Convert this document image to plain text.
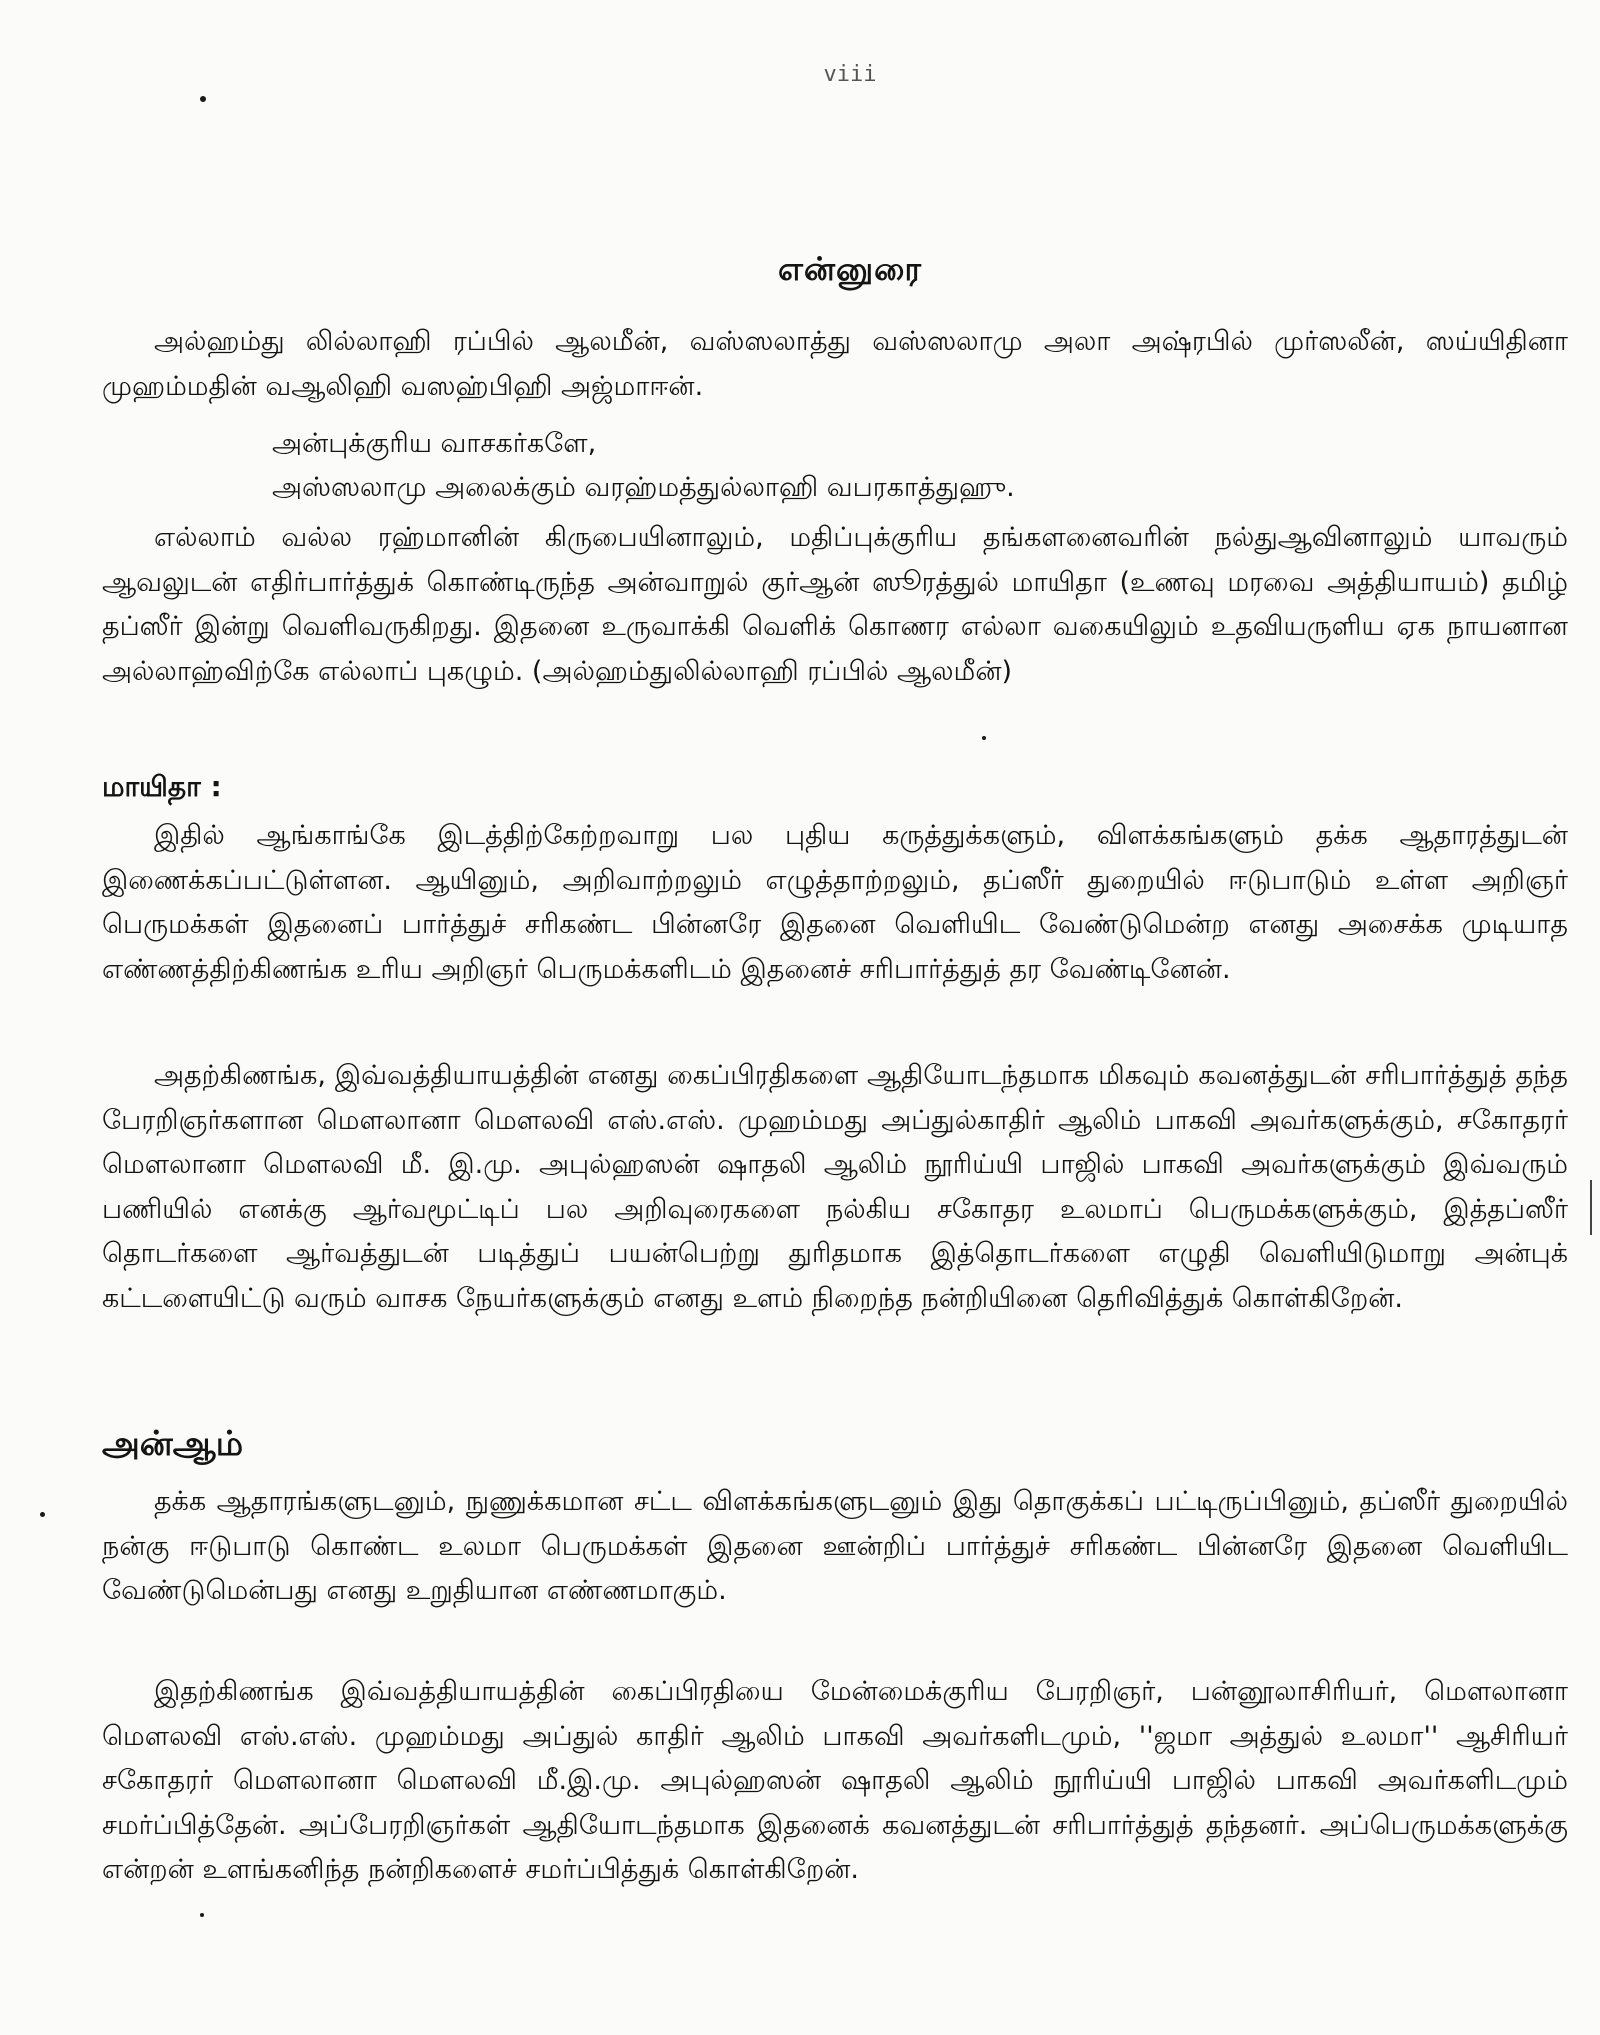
viii
என்னுரை
அல்ஹம்து லில்லாஹி ரப்பில் ஆலமீன், வஸ்ஸலாத்து வஸ்ஸலாமு அலா அஷ்ரபில் முர்ஸலீன், ஸய்யிதினா முஹம்மதின் வஆலிஹி வஸஹ்பிஹி அஜ்மாஈன்.
அன்புக்குரிய வாசகர்களே,
அஸ்ஸலாமு அலைக்கும் வரஹ்மத்துல்லாஹி வபரகாத்துஹு.
எல்லாம் வல்ல ரஹ்மானின் கிருபையினாலும், மதிப்புக்குரிய தங்களனைவரின் நல்துஆவினாலும் யாவரும் ஆவலுடன் எதிர்பார்த்துக் கொண்டிருந்த அன்வாறுல் குர்ஆன் ஸூரத்துல் மாயிதா (உணவு மரவை அத்தியாயம்) தமிழ் தப்ஸீர் இன்று வெளிவருகிறது. இதனை உருவாக்கி வெளிக் கொணர எல்லா வகையிலும் உதவியருளிய ஏக நாயனான அல்லாஹ்விற்கே எல்லாப் புகழும். (அல்ஹம்துலில்லாஹி ரப்பில் ஆலமீன்)
மாயிதா :
இதில் ஆங்காங்கே இடத்திற்கேற்றவாறு பல புதிய கருத்துக்களும், விளக்கங்களும் தக்க ஆதாரத்துடன் இணைக்கப்பட்டுள்ளன. ஆயினும், அறிவாற்றலும் எழுத்தாற்றலும், தப்ஸீர் துறையில் ஈடுபாடும் உள்ள அறிஞர் பெருமக்கள் இதனைப் பார்த்துச் சரிகண்ட பின்னரே இதனை வெளியிட வேண்டுமென்ற எனது அசைக்க முடியாத எண்ணத்திற்கிணங்க உரிய அறிஞர் பெருமக்களிடம் இதனைச் சரிபார்த்துத் தர வேண்டினேன்.
அதற்கிணங்க, இவ்வத்தியாயத்தின் எனது கைப்பிரதிகளை ஆதியோடந்தமாக மிகவும் கவனத்துடன் சரிபார்த்துத் தந்த பேரறிஞர்களான மௌலானா மௌலவி எஸ்.எஸ். முஹம்மது அப்துல்காதிர் ஆலிம் பாகவி அவர்களுக்கும், சகோதரர் மௌலானா மௌலவி மீ. இ.மு. அபுல்ஹஸன் ஷாதலி ஆலிம் நூரிய்யி பாஜில் பாகவி அவர்களுக்கும் இவ்வரும் பணியில் எனக்கு ஆர்வமூட்டிப் பல அறிவுரைகளை நல்கிய சகோதர உலமாப் பெருமக்களுக்கும், இத்தப்ஸீர் தொடர்களை ஆர்வத்துடன் படித்துப் பயன்பெற்று துரிதமாக இத்தொடர்களை எழுதி வெளியிடுமாறு அன்புக் கட்டளையிட்டு வரும் வாசக நேயர்களுக்கும் எனது உளம் நிறைந்த நன்றியினை தெரிவித்துக் கொள்கிறேன்.
அன்ஆம்
தக்க ஆதாரங்களுடனும், நுணுக்கமான சட்ட விளக்கங்களுடனும் இது தொகுக்கப் பட்டிருப்பினும், தப்ஸீர் துறையில் நன்கு ஈடுபாடு கொண்ட உலமா பெருமக்கள் இதனை ஊன்றிப் பார்த்துச் சரிகண்ட பின்னரே இதனை வெளியிட வேண்டுமென்பது எனது உறுதியான எண்ணமாகும்.
இதற்கிணங்க இவ்வத்தியாயத்தின் கைப்பிரதியை மேன்மைக்குரிய பேரறிஞர், பன்னூலாசிரியர், மௌலானா மௌலவி எஸ்.எஸ். முஹம்மது அப்துல் காதிர் ஆலிம் பாகவி அவர்களிடமும், ''ஜமா அத்துல் உலமா'' ஆசிரியர் சகோதரர் மௌலானா மௌலவி மீ.இ.மு. அபுல்ஹஸன் ஷாதலி ஆலிம் நூரிய்யி பாஜில் பாகவி அவர்களிடமும் சமர்ப்பித்தேன். அப்பேரறிஞர்கள் ஆதியோடந்தமாக இதனைக் கவனத்துடன் சரிபார்த்துத் தந்தனர். அப்பெருமக்களுக்கு என்றன் உளங்கனிந்த நன்றிகளைச் சமர்ப்பித்துக் கொள்கிறேன்.
